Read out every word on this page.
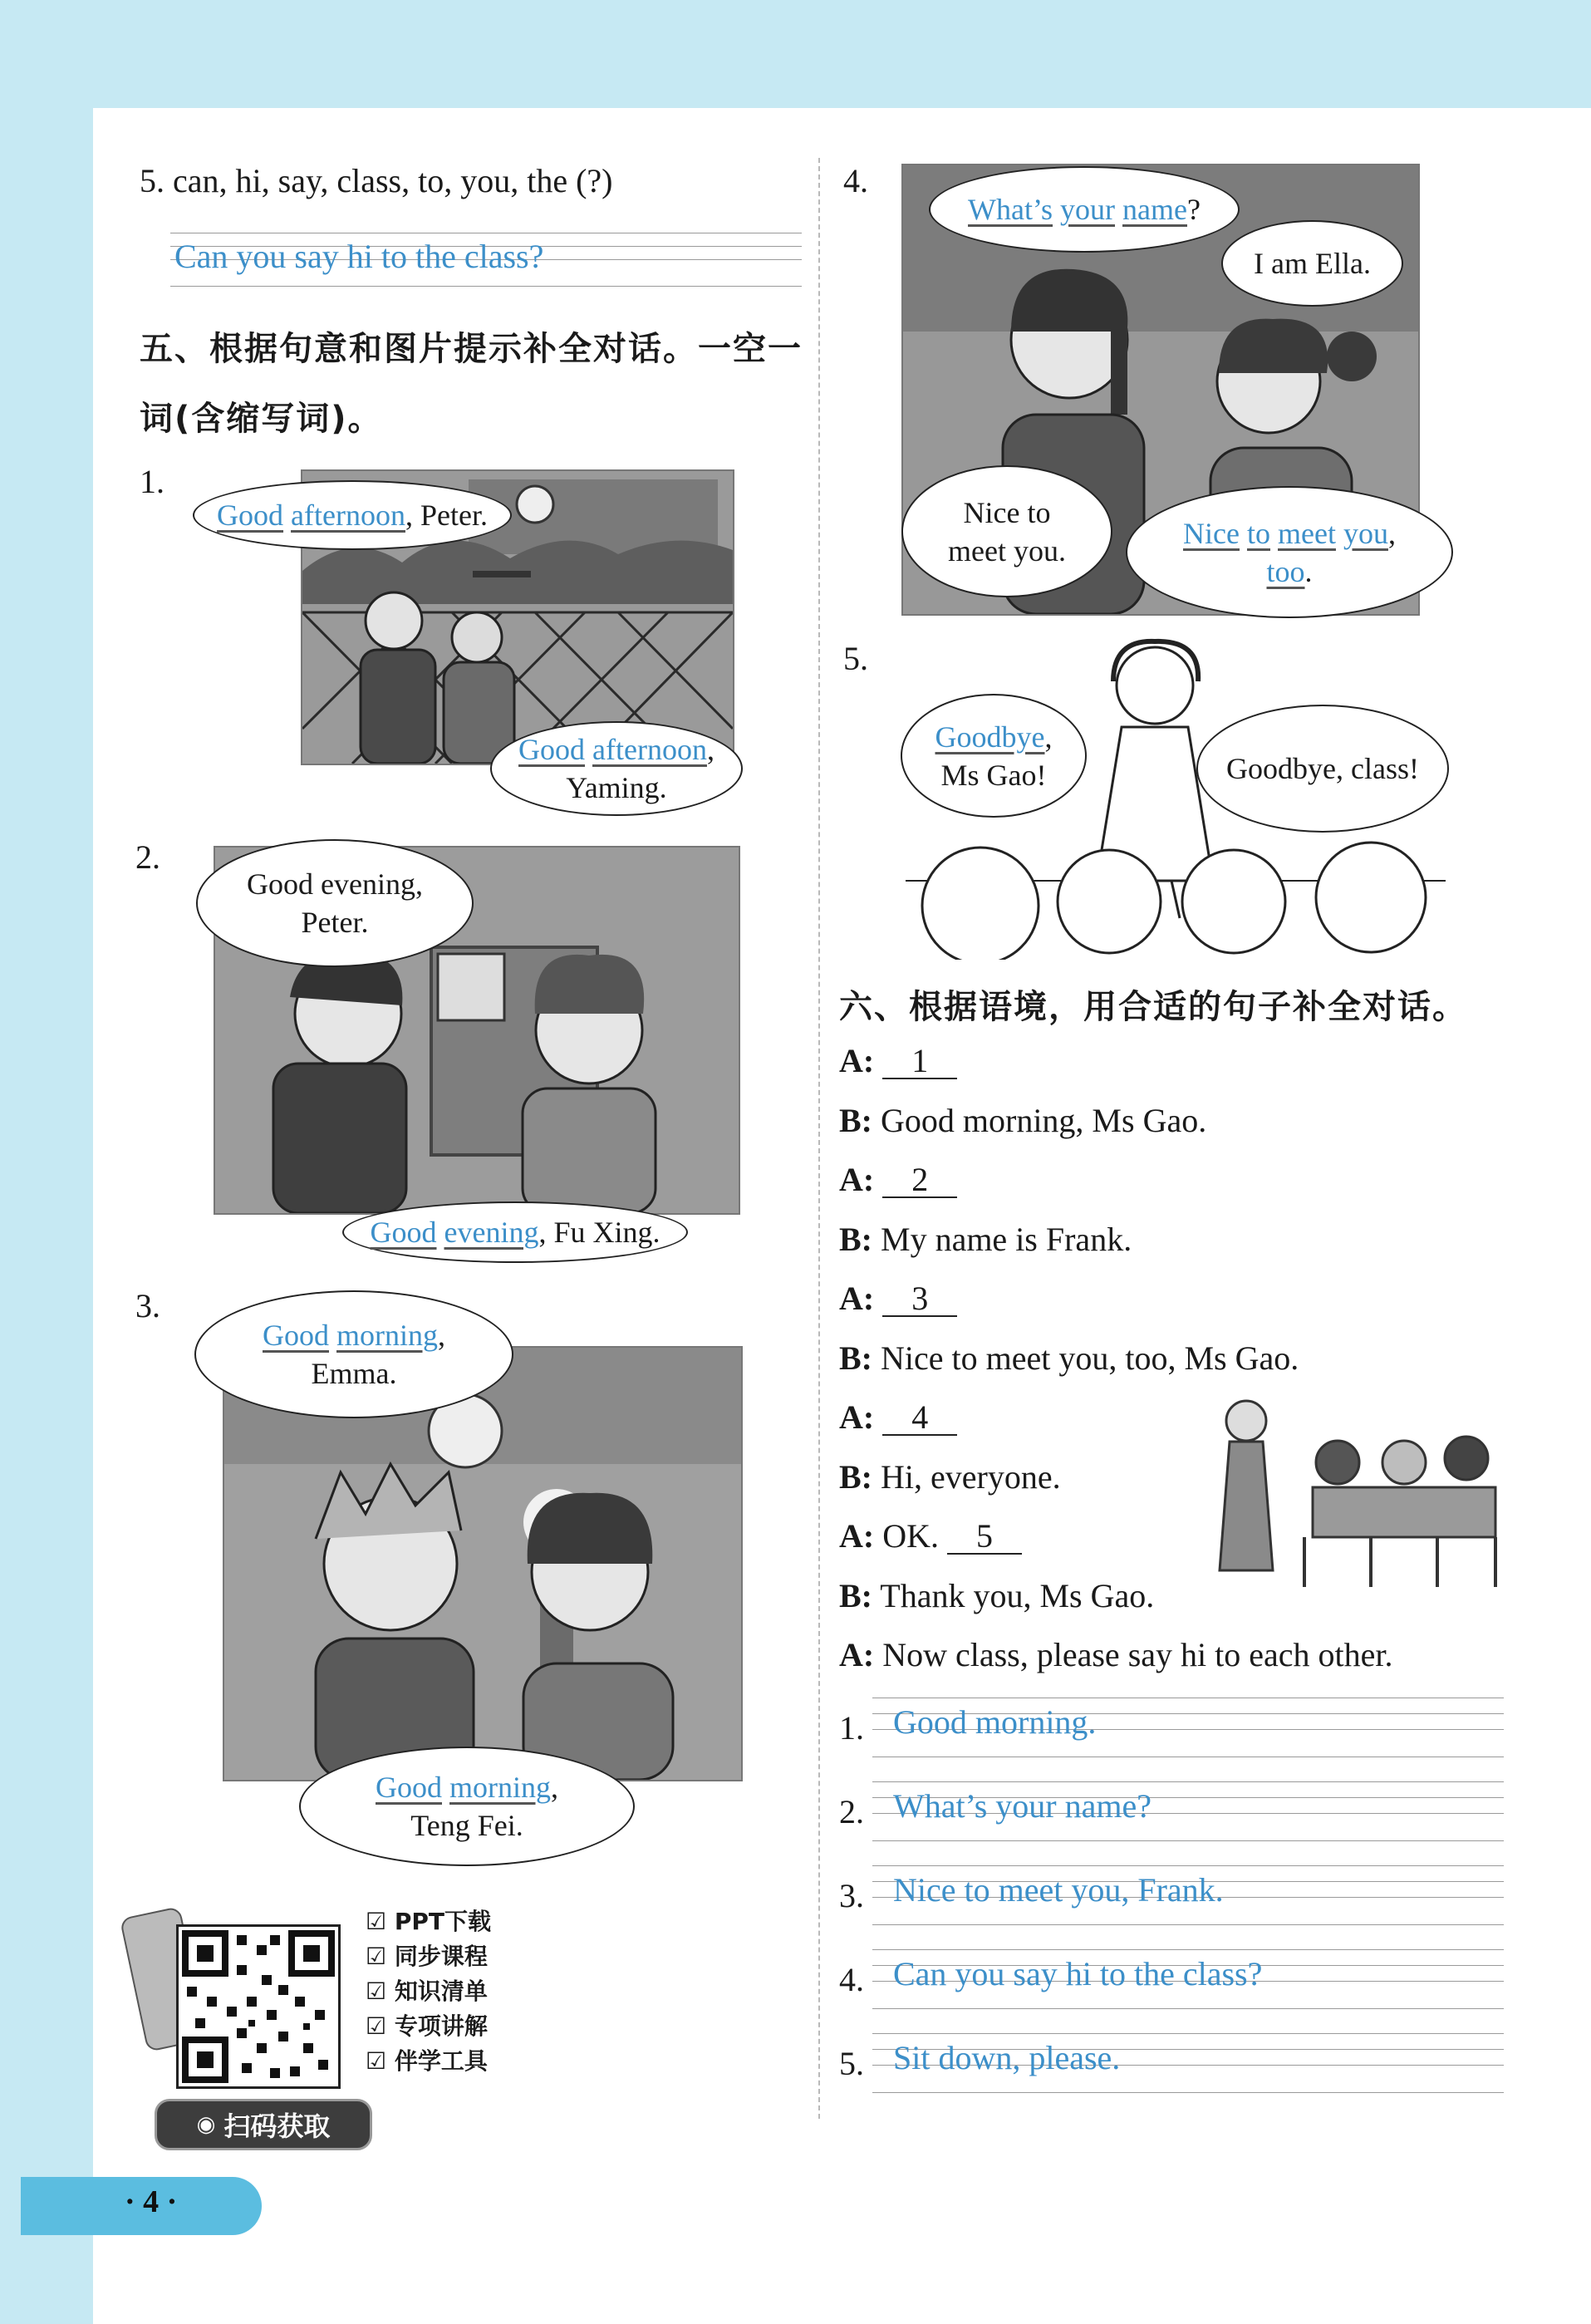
5. can, hi, say, class, to, you, the (?)
Can you say hi to the class?
五、根据句意和图片提示补全对话。一空一
词(含缩写词)。
1.
Good afternoon, Peter.
Good afternoon,
Yaming.
2.
Good evening,
Peter.
Good evening, Fu Xing.
3.
Good morning,
Emma.
Good morning,
Teng Fei.
☑ PPT下载
☑ 同步课程
☑ 知识清单
☑ 专项讲解
☑ 伴学工具
◉ 扫码获取
· 4 ·
4.
What’s your name?
I am Ella.
Nice to
meet you.
Nice to meet you,
too.
5.
Goodbye,
Ms Gao!	Goodbye, class!
六、根据语境，用合适的句子补全对话。
A: 1
B: Good morning, Ms Gao.
A: 2
B: My name is Frank.
A: 3
B: Nice to meet you, too, Ms Gao.
A: 4
B: Hi, everyone.
A: OK. 5
B: Thank you, Ms Gao.
A: Now class, please say hi to each other.
1. Good morning.
2. What’s your name?
3. Nice to meet you, Frank.
4. Can you say hi to the class?
5. Sit down, please.
